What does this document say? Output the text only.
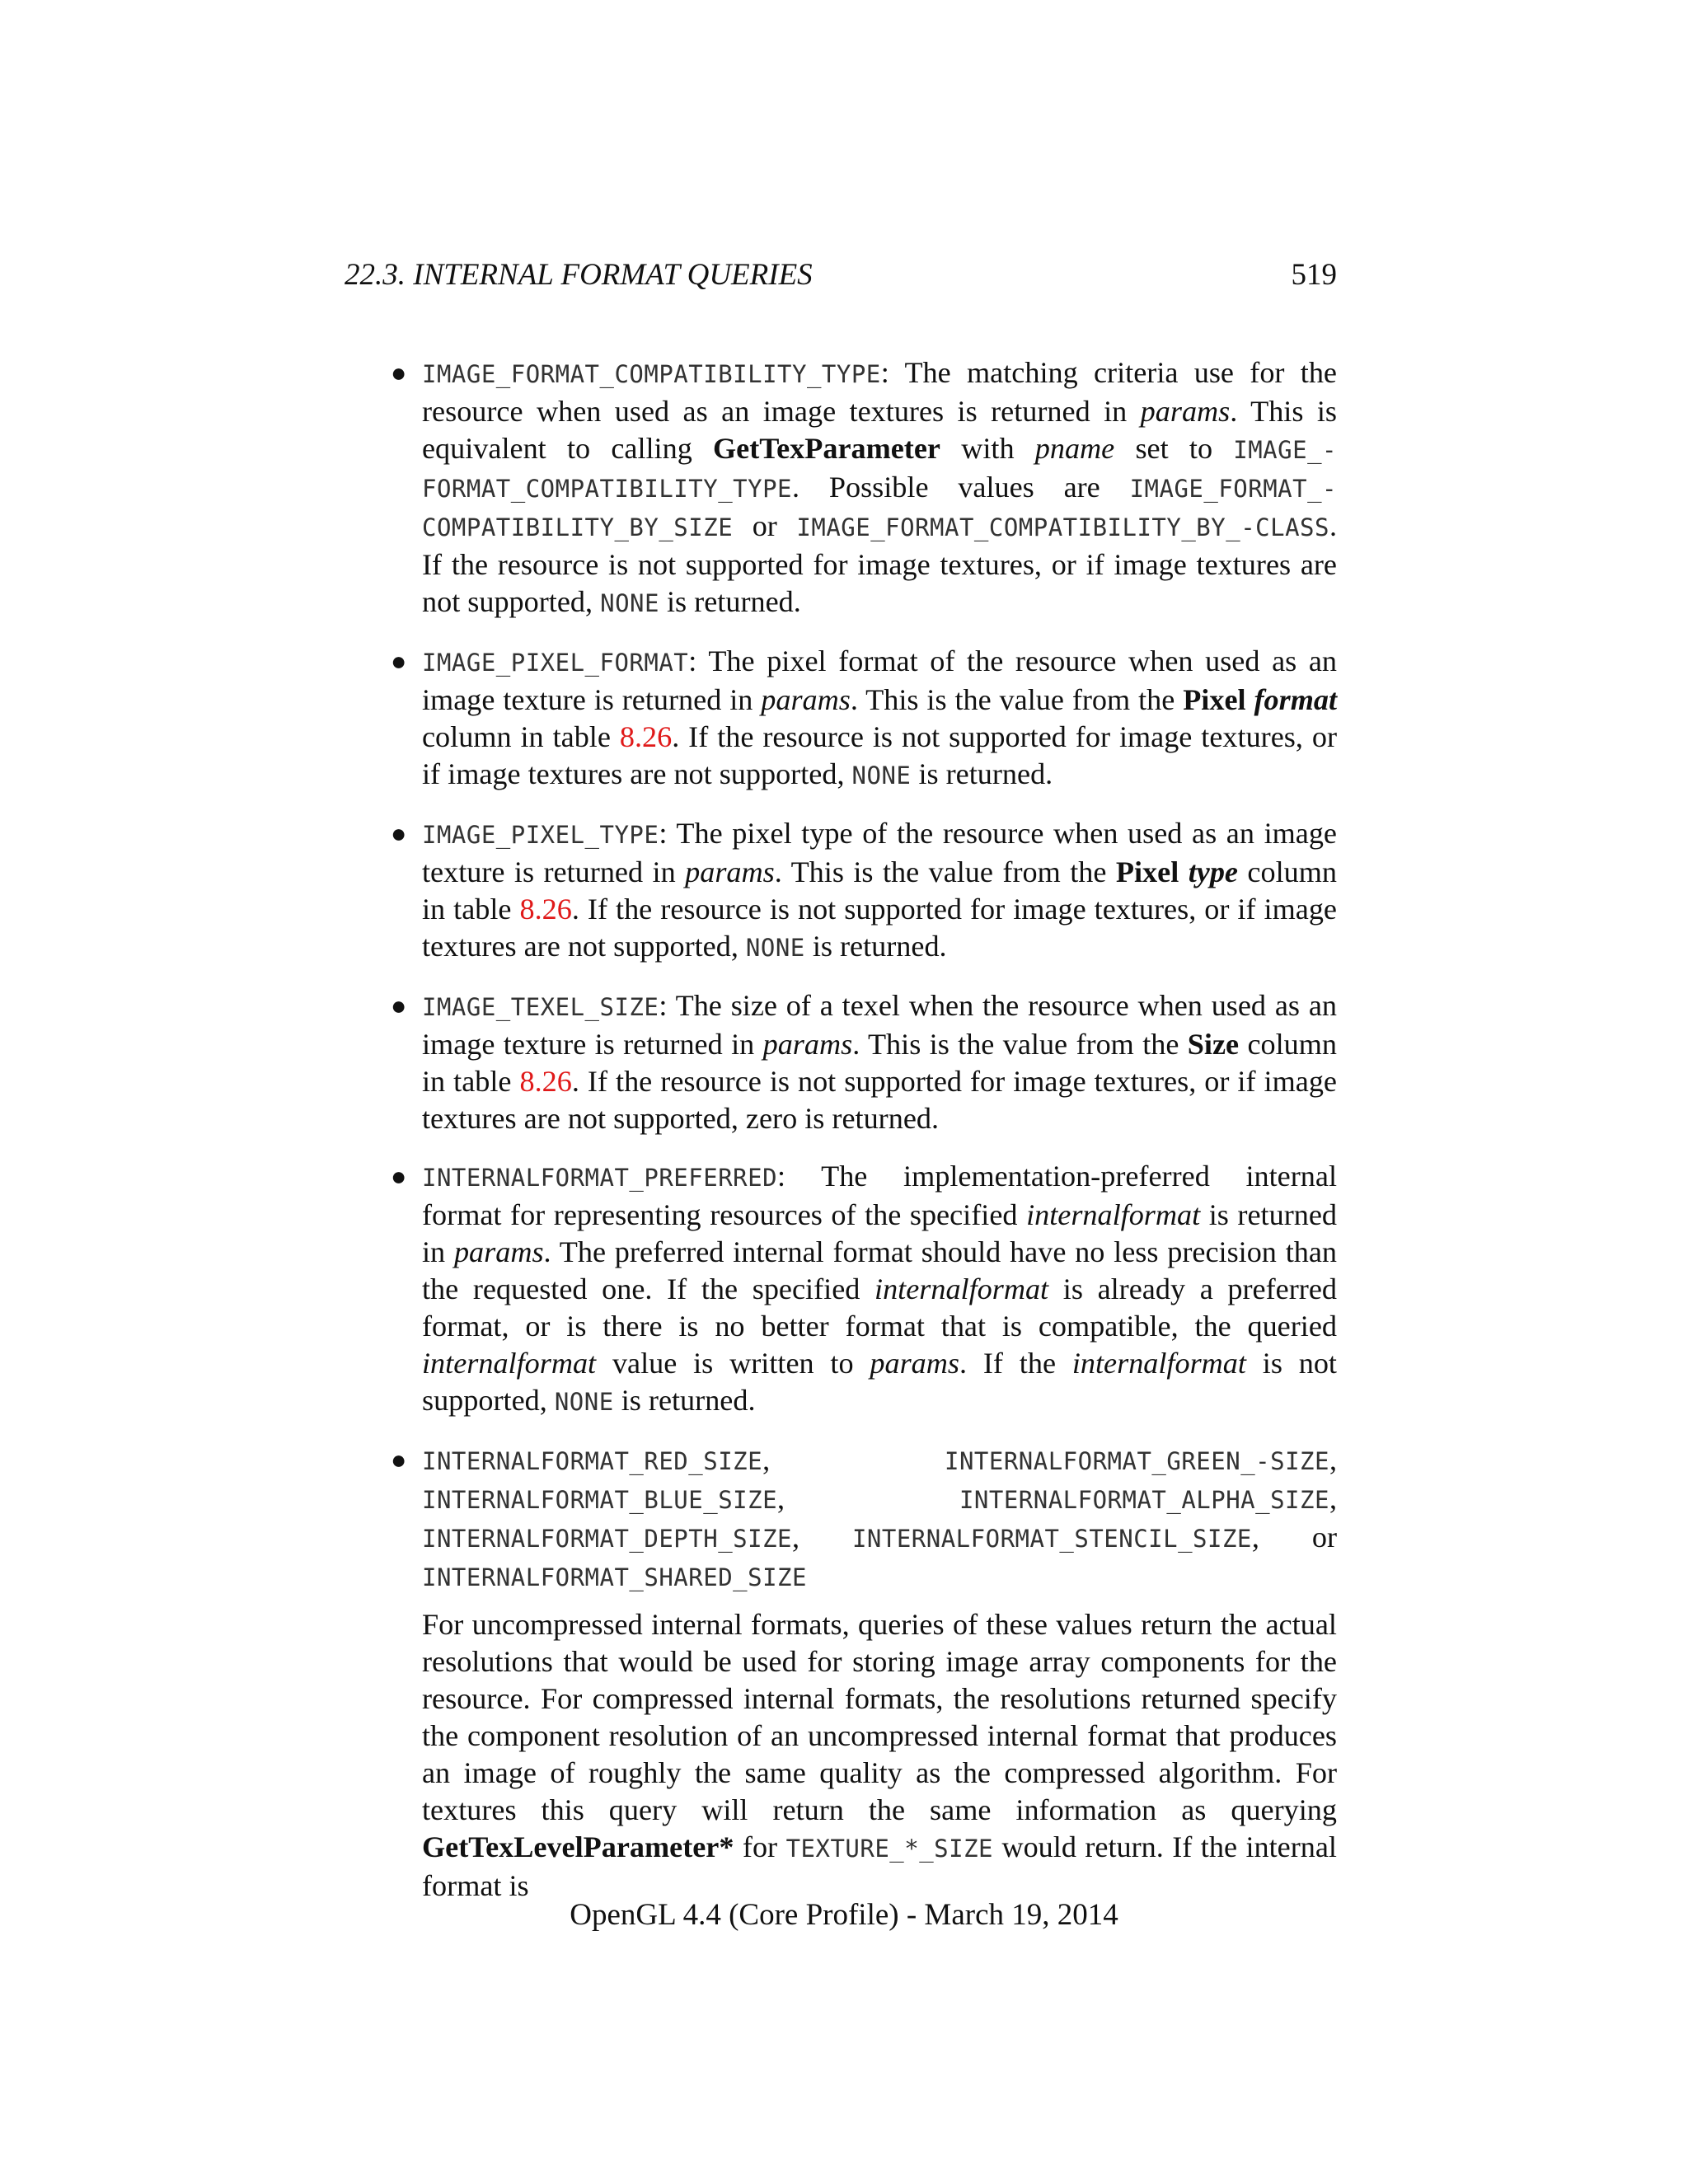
22.3. INTERNAL FORMAT QUERIES	519
● IMAGE_FORMAT_COMPATIBILITY_TYPE: The matching criteria use for the resource when used as an image textures is returned in params. This is equivalent to calling GetTexParameter with pname set to IMAGE_-FORMAT_COMPATIBILITY_TYPE. Possible values are IMAGE_FORMAT_-COMPATIBILITY_BY_SIZE or IMAGE_FORMAT_COMPATIBILITY_BY_-CLASS. If the resource is not supported for image textures, or if image textures are not supported, NONE is returned.

● IMAGE_PIXEL_FORMAT: The pixel format of the resource when used as an image texture is returned in params. This is the value from the Pixel format column in table 8.26. If the resource is not supported for image textures, or if image textures are not supported, NONE is returned.

● IMAGE_PIXEL_TYPE: The pixel type of the resource when used as an image texture is returned in params. This is the value from the Pixel type column in table 8.26. If the resource is not supported for image textures, or if image textures are not supported, NONE is returned.

● IMAGE_TEXEL_SIZE: The size of a texel when the resource when used as an image texture is returned in params. This is the value from the Size column in table 8.26. If the resource is not supported for image textures, or if image textures are not supported, zero is returned.

● INTERNALFORMAT_PREFERRED: The implementation-preferred internal format for representing resources of the specified internalformat is returned in params. The preferred internal format should have no less precision than the requested one. If the specified internalformat is already a preferred format, or is there is no better format that is compatible, the queried internalformat value is written to params. If the internalformat is not supported, NONE is returned.

● INTERNALFORMAT_RED_SIZE, INTERNALFORMAT_GREEN_-SIZE, INTERNALFORMAT_BLUE_SIZE, INTERNALFORMAT_ALPHA_SIZE, INTERNALFORMAT_DEPTH_SIZE, INTERNALFORMAT_STENCIL_SIZE, or INTERNALFORMAT_SHARED_SIZE

For uncompressed internal formats, queries of these values return the actual resolutions that would be used for storing image array components for the resource. For compressed internal formats, the resolutions returned specify the component resolution of an uncompressed internal format that produces an image of roughly the same quality as the compressed algorithm. For textures this query will return the same information as querying GetTexLevelParameter* for TEXTURE_*_SIZE would return. If the internal format is

OpenGL 4.4 (Core Profile) - March 19, 2014
